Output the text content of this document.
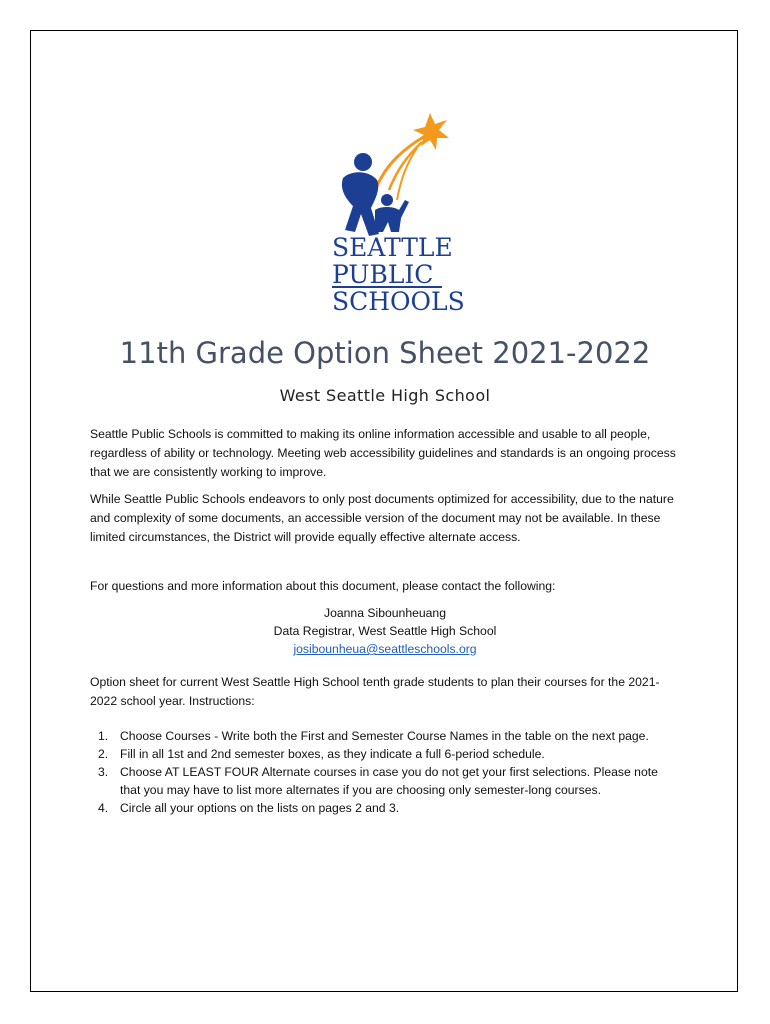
SEATTLE
PUBLIC
SCHOOLS
11th Grade Option Sheet 2021-2022
West Seattle High School
Seattle Public Schools is committed to making its online information accessible and usable to all people, regardless of ability or technology. Meeting web accessibility guidelines and standards is an ongoing process that we are consistently working to improve.
While Seattle Public Schools endeavors to only post documents optimized for accessibility, due to the nature and complexity of some documents, an accessible version of the document may not be available. In these limited circumstances, the District will provide equally effective alternate access.
For questions and more information about this document, please contact the following:
Joanna Sibounheuang
Data Registrar, West Seattle High School
josibounheua@seattleschools.org
Option sheet for current West Seattle High School tenth grade students to plan their courses for the 2021-2022 school year. Instructions:
1. Choose Courses - Write both the First and Semester Course Names in the table on the next page.
2. Fill in all 1st and 2nd semester boxes, as they indicate a full 6-period schedule.
3. Choose AT LEAST FOUR Alternate courses in case you do not get your first selections. Please note that you may have to list more alternates if you are choosing only semester-long courses.
4. Circle all your options on the lists on pages 2 and 3.
